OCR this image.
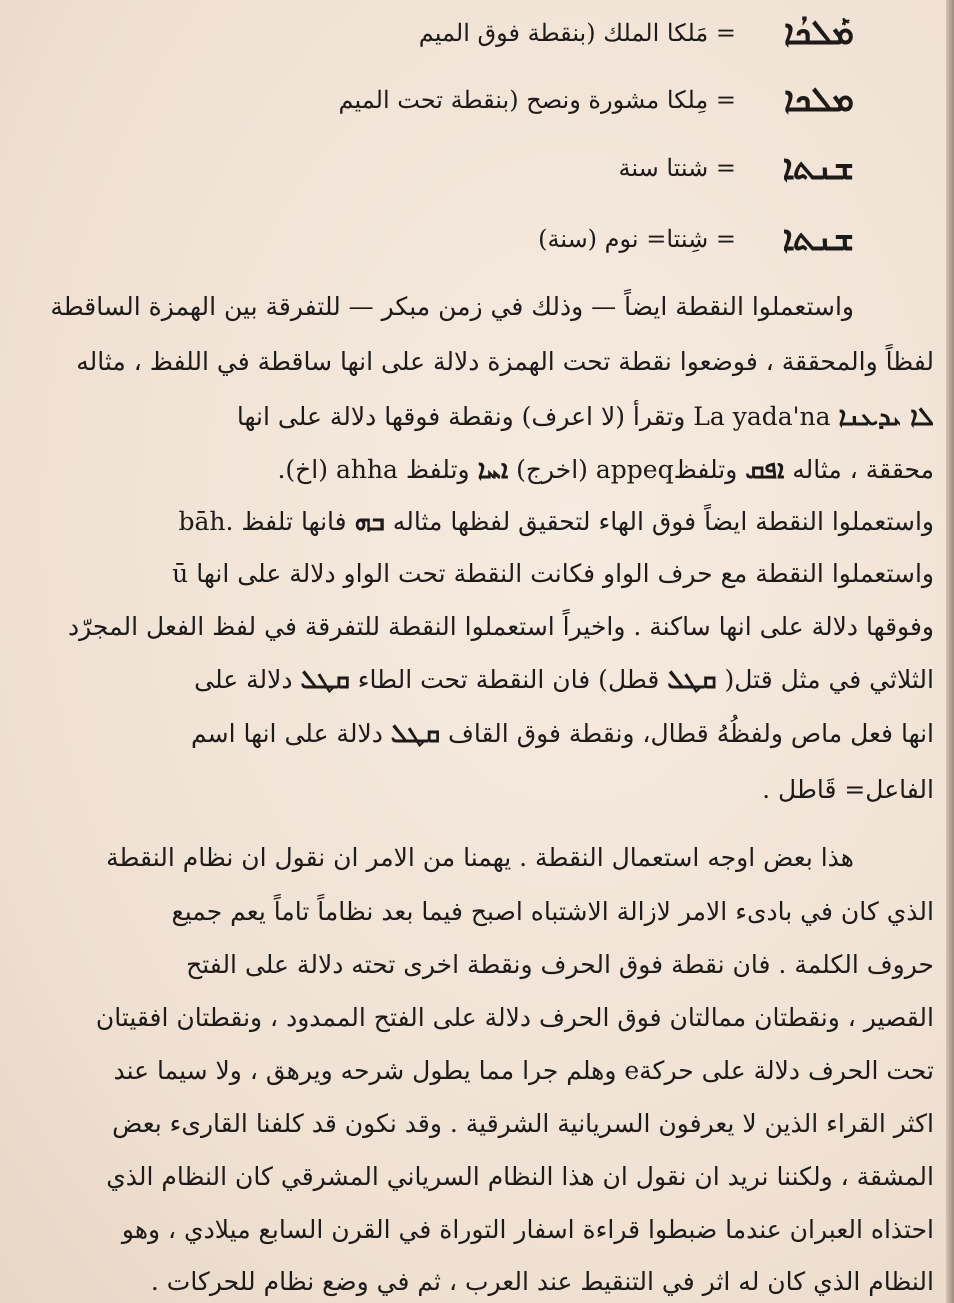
ܡܰܠܟܳܐ
= مَلكا الملك (بنقطة فوق الميم
ܡܠܟܐ
= مِلكا مشورة ونصح (بنقطة تحت الميم
ܫܢܬܐ
= شنتا سنة
ܫܢܬܐ
= شِنتا= نوم (سنة)
واستعملوا النقطة ايضاً — وذلك في زمن مبكر — للتفرقة بين الهمزة الساقطة
لفظاً والمحققة ، فوضعوا نقطة تحت الهمزة دلالة على انها ساقطة في اللفظ ، مثاله
ܠܐ ܝܕܥܢܐ La yada'na وتقرأ (لا اعرف) ونقطة فوقها دلالة على انها
محققة ، مثاله ܐܦܩ وتلفظappeq (اخرج) ܐܚܐ وتلفظ ahha (اخ).
واستعملوا النقطة ايضاً فوق الهاء لتحقيق لفظها مثاله ܒܗ فانها تلفظ bāh.
واستعملوا النقطة مع حرف الواو فكانت النقطة تحت الواو دلالة على انها ū
وفوقها دلالة على انها ساكنة . واخيراً استعملوا النقطة للتفرقة في لفظ الفعل المجرّد
الثلاثي في مثل قتل( ܩܛܠ قطل) فان النقطة تحت الطاء ܩܛܠ دلالة على
انها فعل ماص ولفظُهُ قطال، ونقطة فوق القاف ܩܛܠ دلالة على انها اسم
الفاعل= قَاطل .
هذا بعض اوجه استعمال النقطة . يهمنا من الامر ان نقول ان نظام النقطة
الذي كان في بادىء الامر لازالة الاشتباه اصبح فيما بعد نظاماً تاماً يعم جميع
حروف الكلمة . فان نقطة فوق الحرف ونقطة اخرى تحته دلالة على الفتح
القصير ، ونقطتان ممالتان فوق الحرف دلالة على الفتح الممدود ، ونقطتان افقيتان
تحت الحرف دلالة على حركةe وهلم جرا مما يطول شرحه ويرهق ، ولا سيما عند
اكثر القراء الذين لا يعرفون السريانية الشرقية . وقد نكون قد كلفنا القارىء بعض
المشقة ، ولكننا نريد ان نقول ان هذا النظام السرياني المشرقي كان النظام الذي
احتذاه العبران عندما ضبطوا قراءة اسفار التوراة في القرن السابع ميلادي ، وهو
النظام الذي كان له اثر في التنقيط عند العرب ، ثم في وضع نظام للحركات .
